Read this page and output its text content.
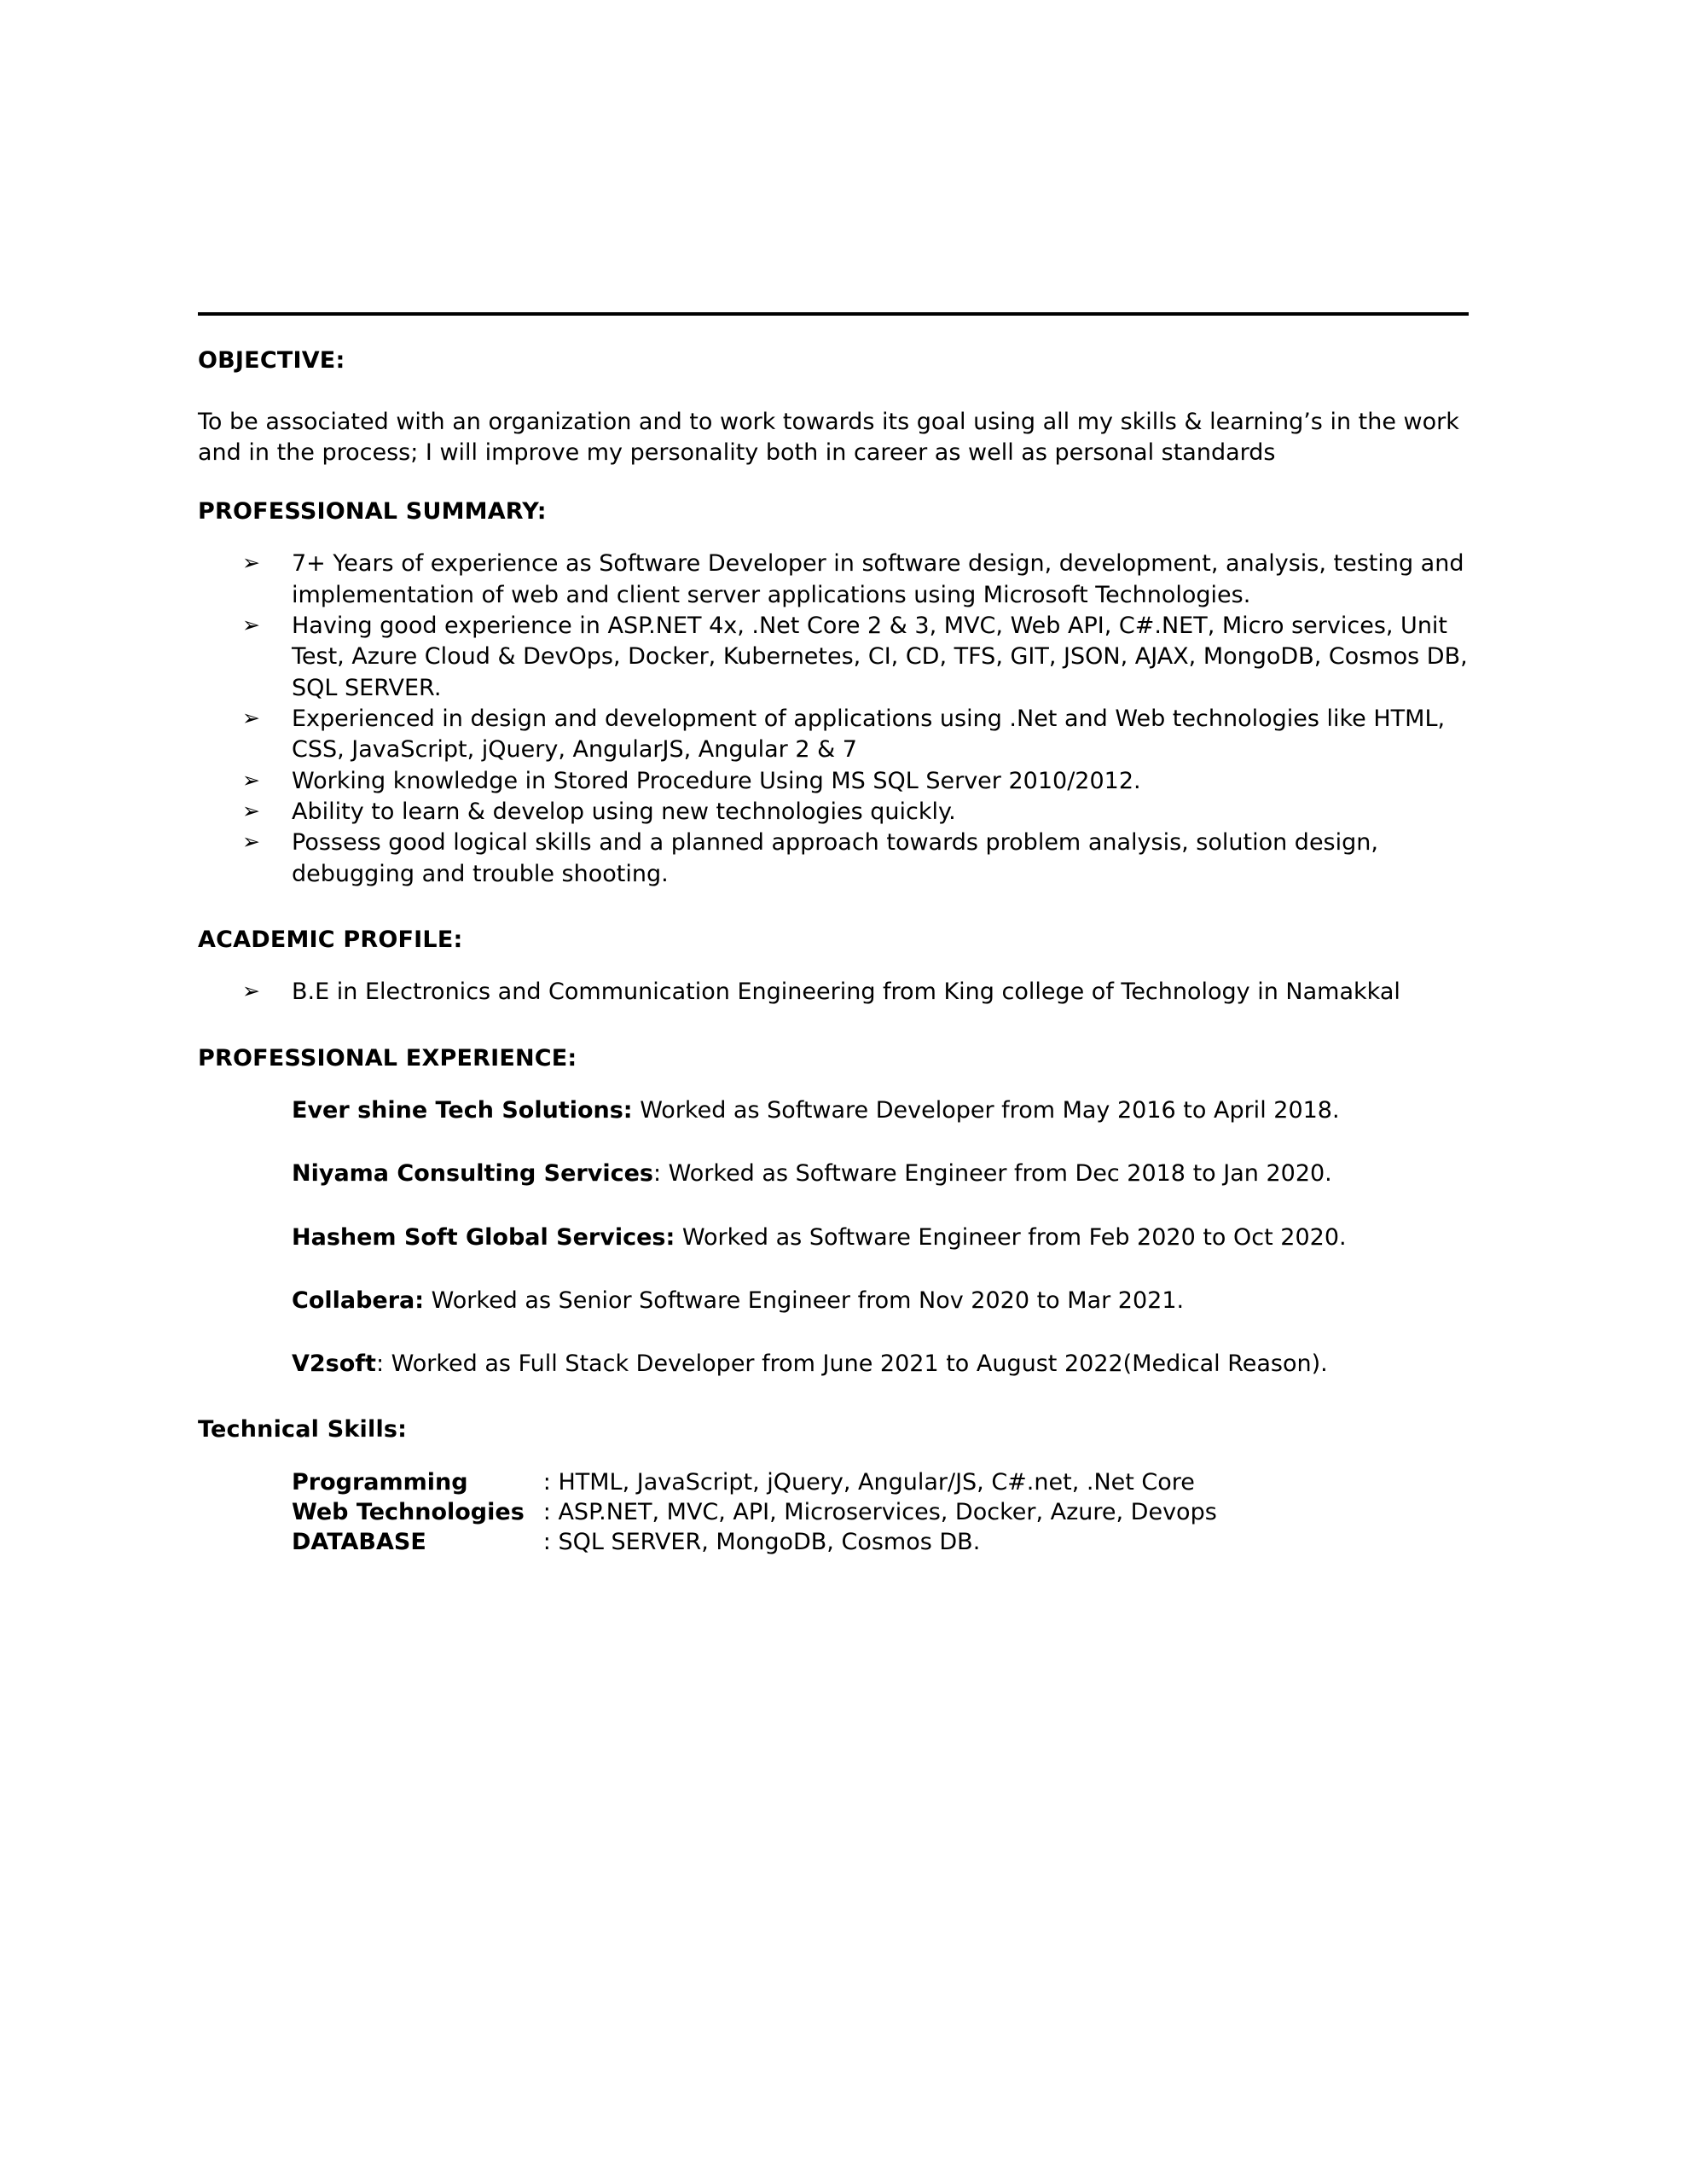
OBJECTIVE:

To be associated with an organization and to work towards its goal using all my skills & learning’s in the work and in the process; I will improve my personality both in career as well as personal standards

PROFESSIONAL SUMMARY:
➢ 7+ Years of experience as Software Developer in software design, development, analysis, testing and implementation of web and client server applications using Microsoft Technologies.
➢ Having good experience in ASP.NET 4x, .Net Core 2 & 3, MVC, Web API, C#.NET, Micro services, Unit Test, Azure Cloud & DevOps, Docker, Kubernetes, CI, CD, TFS, GIT, JSON, AJAX, MongoDB, Cosmos DB, SQL SERVER.
➢ Experienced in design and development of applications using .Net and Web technologies like HTML, CSS, JavaScript, jQuery, AngularJS, Angular 2 & 7
➢ Working knowledge in Stored Procedure Using MS SQL Server 2010/2012.
➢ Ability to learn & develop using new technologies quickly.
➢ Possess good logical skills and a planned approach towards problem analysis, solution design, debugging and trouble shooting.
ACADEMIC PROFILE:
➢ B.E in Electronics and Communication Engineering from King college of Technology in Namakkal
PROFESSIONAL EXPERIENCE:
Ever shine Tech Solutions: Worked as Software Developer from May 2016 to April 2018.
Niyama Consulting Services: Worked as Software Engineer from Dec 2018 to Jan 2020.
Hashem Soft Global Services: Worked as Software Engineer from Feb 2020 to Oct 2020.
Collabera: Worked as Senior Software Engineer from Nov 2020 to Mar 2021.
V2soft: Worked as Full Stack Developer from June 2021 to August 2022(Medical Reason).
Technical Skills:
Programming	: HTML, JavaScript, jQuery, Angular/JS, C#.net, .Net Core
Web Technologies	: ASP.NET, MVC, API, Microservices, Docker, Azure, Devops
DATABASE	: SQL SERVER, MongoDB, Cosmos DB.
